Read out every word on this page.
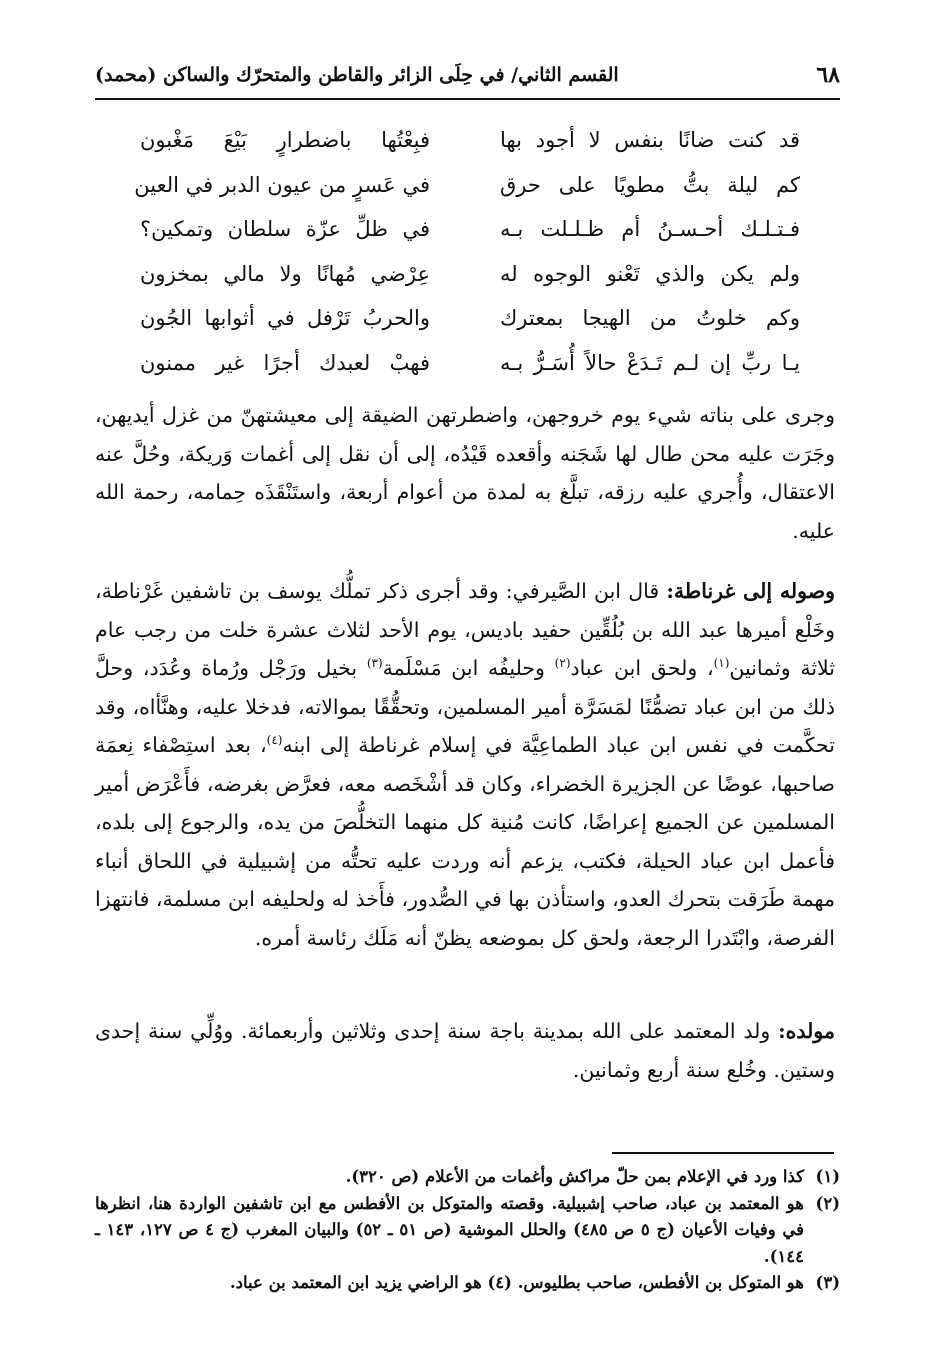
٦٨
القسم الثاني/ في حِلَى الزائر والقاطن والمتحرّك والساكن (محمد)
قد كنت ضانًا بنفس لا أجود بها
فبِعْتُها باضطرارٍ بَيْعَ مَغْبون
كم ليلة بتُّ مطويًا على حرق
في عَسرٍ من عيون الدبر في العين
فـتـلـك أحـسـنُ أم ظـلـلت بـه
في ظلِّ عزّة سلطان وتمكين؟
ولم يكن والذي تَعْنو الوجوه له
عِرْضي مُهانًا ولا مالي بمخزون
وكم خلوتُ من الهيجا بمعترك
والحربُ تَرْفل في أثوابها الجُون
يـا ربِّ إن لـم تَـدَعْ حالاً أُسَـرُّ بـه
فهبْ لعبدك أجرًا غير ممنون

وجرى على بناته شيء يوم خروجهن، واضطرتهن الضيقة إلى معيشتهنّ من غزل أيديهن، وجَرَت عليه محن طال لها شَجَنه وأقعده قَيْدُه، إلى أن نقل إلى أغمات وَريكة، وحُلَّ عنه الاعتقال، وأُجري عليه رزقه، تبلَّغ به لمدة من أعوام أربعة، واستَنْقَذَه حِمامه، رحمة الله عليه.

وصوله إلى غرناطة: قال ابن الصَّيرفي: وقد أجرى ذكر تملُّك يوسف بن تاشفين غَرْناطة، وخَلْع أميرها عبد الله بن بُلُقِّين حفيد باديس، يوم الأحد لثلاث عشرة خلت من رجب عام ثلاثة وثمانين$^{(١)}$، ولحق ابن عباد$^{(٢)}$ وحليفُه ابن مَسْلَمة$^{(٣)}$ بخيل ورَجْل ورُماة وعُدَد، وحلَّ ذلك من ابن عباد تضمُّنًا لمَسَرَّة أمير المسلمين، وتحقُّقًا بموالاته، فدخلا عليه، وهنَّأاه، وقد تحكَّمت في نفس ابن عباد الطماعِيَّة في إسلام غرناطة إلى ابنه$^{(٤)}$، بعد استِصْفاء نِعمَة صاحبها، عوضًا عن الجزيرة الخضراء، وكان قد أشْخَصه معه، فعرَّض بغرضه، فأَعْرَض أمير المسلمين عن الجميع إعراضًا، كانت مُنية كل منهما التخلُّصَ من يده، والرجوع إلى بلده، فأعمل ابن عباد الحيلة، فكتب، يزعم أنه وردت عليه تحتُّه من إشبيلية في اللحاق أنباء مهمة طَرَقت بتحرك العدو، واستأذن بها في الصُّدور، فأَخذ له ولحليفه ابن مسلمة، فانتهزا الفرصة، وابْتَدرا الرجعة، ولحق كل بموضعه يظنّ أنه مَلَك رئاسة أمره.

مولده: ولد المعتمد على الله بمدينة باجة سنة إحدى وثلاثين وأربعمائة. ووُلِّي سنة إحدى وستين. وخُلع سنة أربع وثمانين.

(١)
كذا ورد في الإعلام بمن حلّ مراكش وأغمات من الأعلام (ص ٣٢٠).
(٢)
هو المعتمد بن عباد، صاحب إشبيلية. وقصته والمتوكل بن الأفطس مع ابن تاشفين الواردة هنا، انظرها في وفيات الأعيان (ج ٥ ص ٤٨٥) والحلل الموشية (ص ٥١ ـ ٥٢) والبيان المغرب (ج ٤ ص ١٢٧، ١٤٣ ـ ١٤٤).
(٣)
هو المتوكل بن الأفطس، صاحب بطليوس. (٤) هو الراضي يزيد ابن المعتمد بن عباد.
